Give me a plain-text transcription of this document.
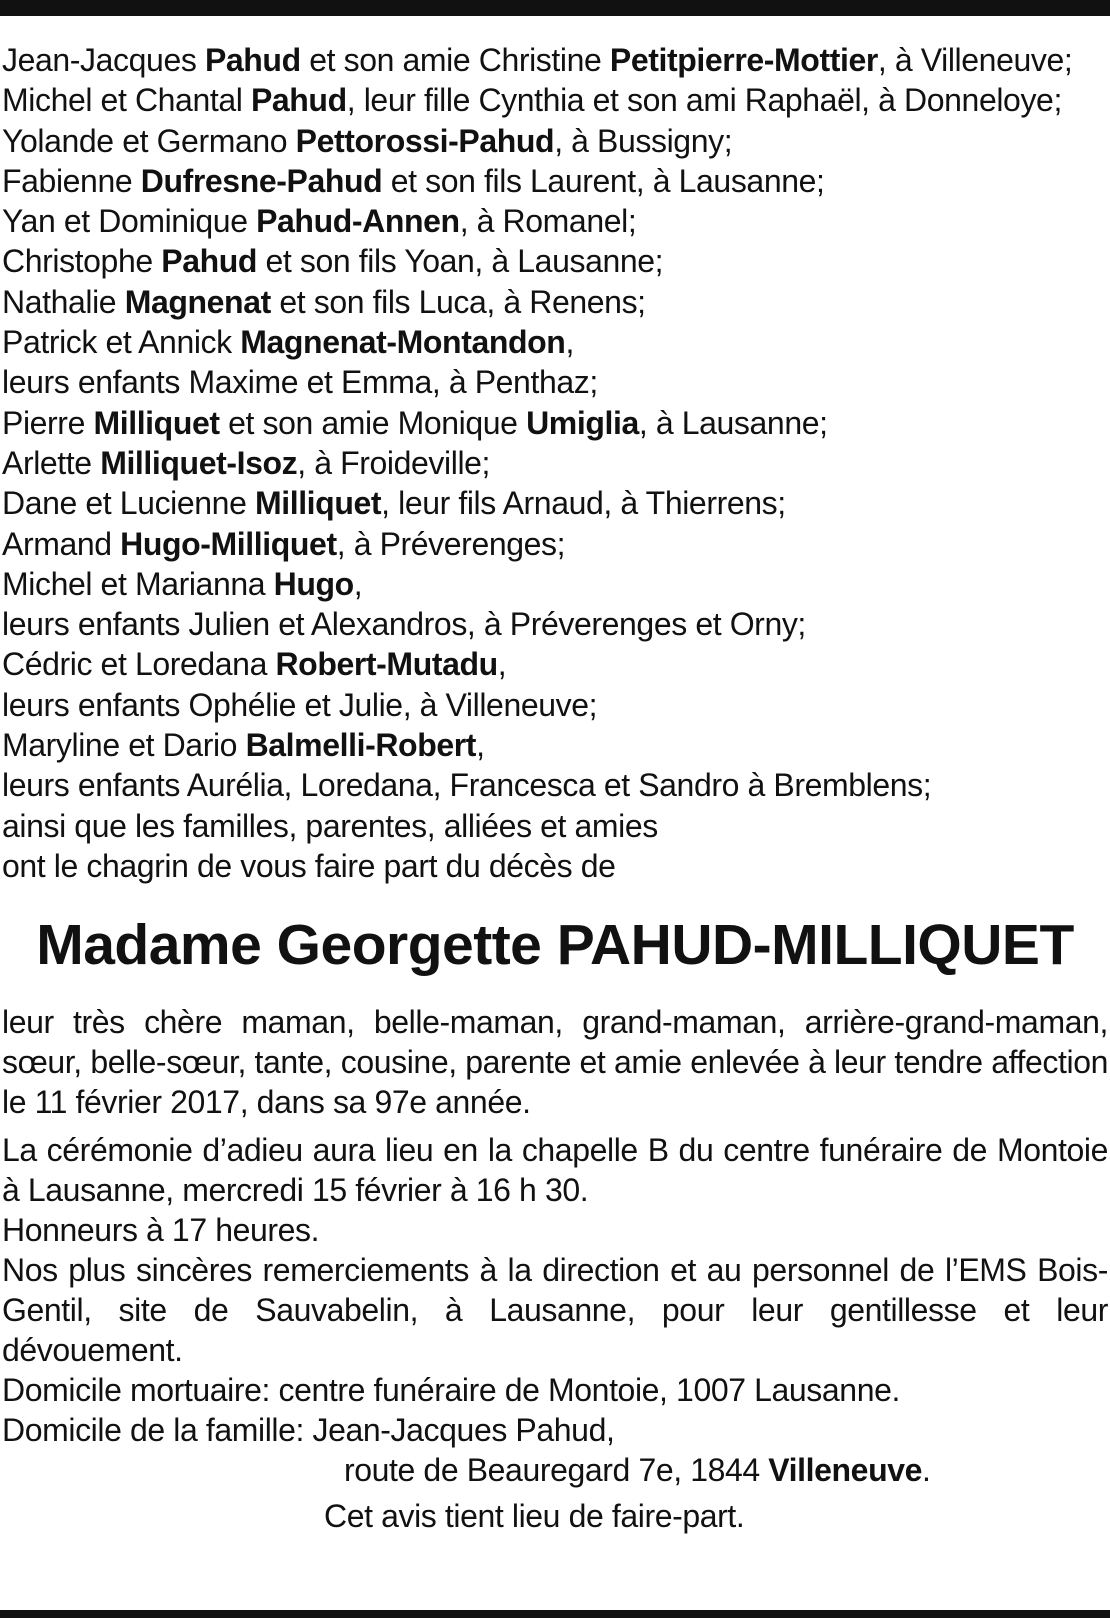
Jean-Jacques Pahud et son amie Christine Petitpierre-Mottier, à Villeneuve;
Michel et Chantal Pahud, leur fille Cynthia et son ami Raphaël, à Donneloye;
Yolande et Germano Pettorossi-Pahud, à Bussigny;
Fabienne Dufresne-Pahud et son fils Laurent, à Lausanne;
Yan et Dominique Pahud-Annen, à Romanel;
Christophe Pahud et son fils Yoan, à Lausanne;
Nathalie Magnenat et son fils Luca, à Renens;
Patrick et Annick Magnenat-Montandon,
leurs enfants Maxime et Emma, à Penthaz;
Pierre Milliquet et son amie Monique Umiglia, à Lausanne;
Arlette Milliquet-Isoz, à Froideville;
Dane et Lucienne Milliquet, leur fils Arnaud, à Thierrens;
Armand Hugo-Milliquet, à Préverenges;
Michel et Marianna Hugo,
leurs enfants Julien et Alexandros, à Préverenges et Orny;
Cédric et Loredana Robert-Mutadu,
leurs enfants Ophélie et Julie, à Villeneuve;
Maryline et Dario Balmelli-Robert,
leurs enfants Aurélia, Loredana, Francesca et Sandro à Bremblens;
ainsi que les familles, parentes, alliées et amies
ont le chagrin de vous faire part du décès de
Madame Georgette PAHUD-MILLIQUET
leur très chère maman, belle-maman, grand-maman, arrière-grand-maman, sœur, belle-sœur, tante, cousine, parente et amie enlevée à leur tendre affection le 11 février 2017, dans sa 97e année.
La cérémonie d’adieu aura lieu en la chapelle B du centre funéraire de Montoie à Lausanne, mercredi 15 février à 16 h 30.
Honneurs à 17 heures.
Nos plus sincères remerciements à la direction et au personnel de l’EMS Bois-Gentil, site de Sauvabelin, à Lausanne, pour leur gentillesse et leur dévouement.
Domicile mortuaire: centre funéraire de Montoie, 1007 Lausanne.
Domicile de la famille: Jean-Jacques Pahud,
route de Beauregard 7e, 1844 Villeneuve.
Cet avis tient lieu de faire-part.
